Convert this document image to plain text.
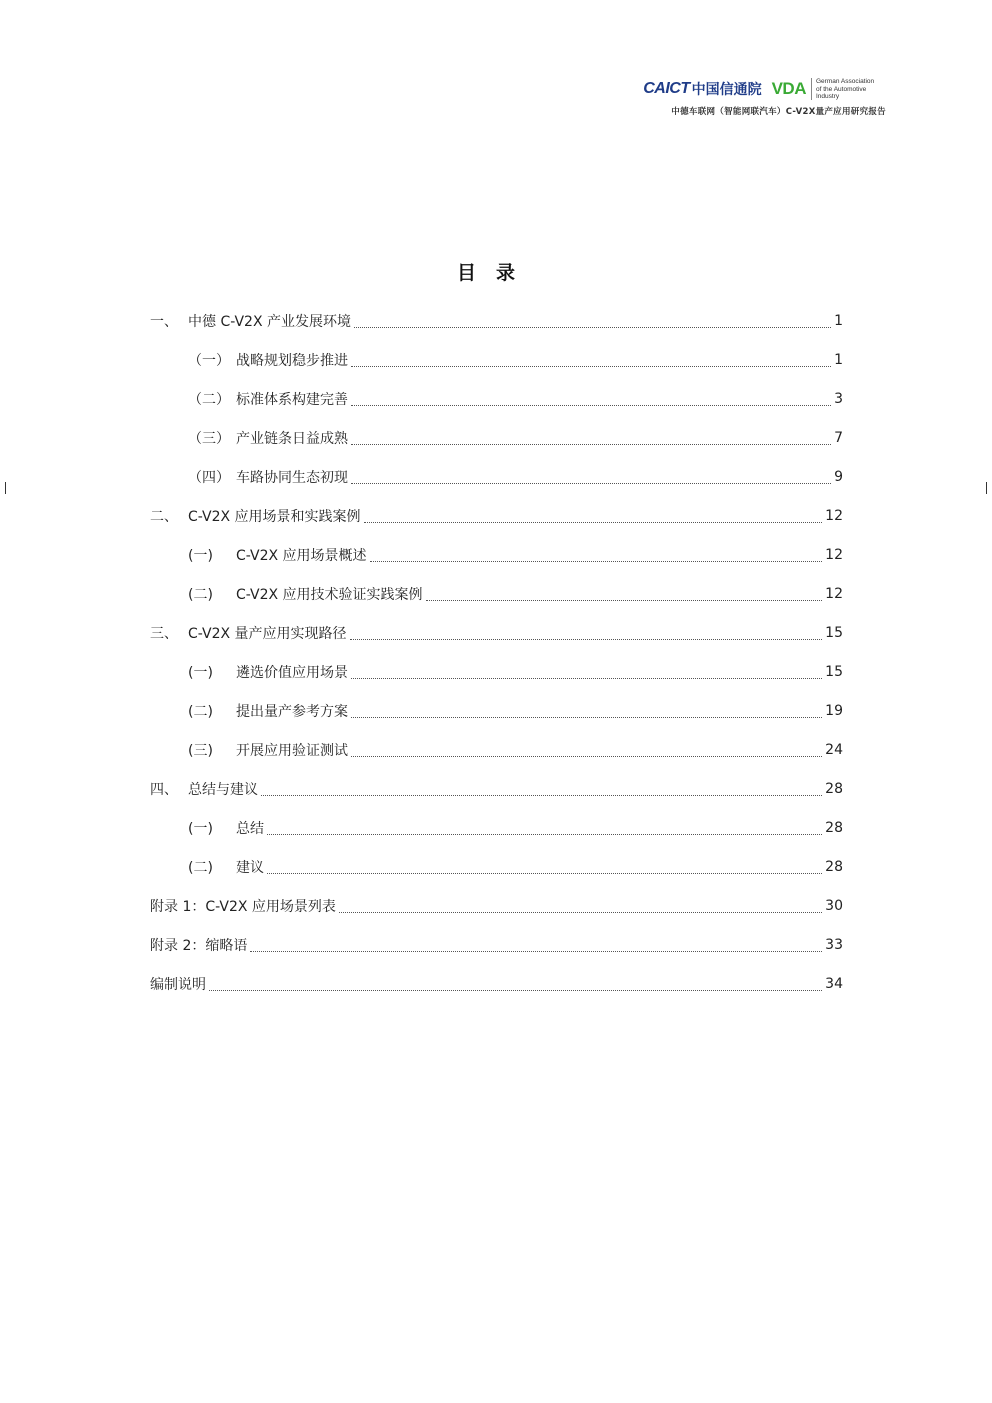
CAICT 中国信通院 VDA German Association
of the Automotive Industry
中德车联网（智能网联汽车）C-V2X量产应用研究报告
目录
一、 中德 C-V2X 产业发展环境	1
（一） 战略规划稳步推进	1
（二） 标准体系构建完善	3
（三） 产业链条日益成熟	7
（四） 车路协同生态初现	9
二、 C-V2X 应用场景和实践案例	12
(一)	C-V2X 应用场景概述	12
(二)	C-V2X 应用技术验证实践案例	12
三、 C-V2X 量产应用实现路径	15
(一)	遴选价值应用场景	15
(二)	提出量产参考方案	19
(三)	开展应用验证测试	24
四、 总结与建议	28
(一)	总结	28
(二)	建议	28
附录 1：C-V2X 应用场景列表	30
附录 2：缩略语	33
编制说明	34
